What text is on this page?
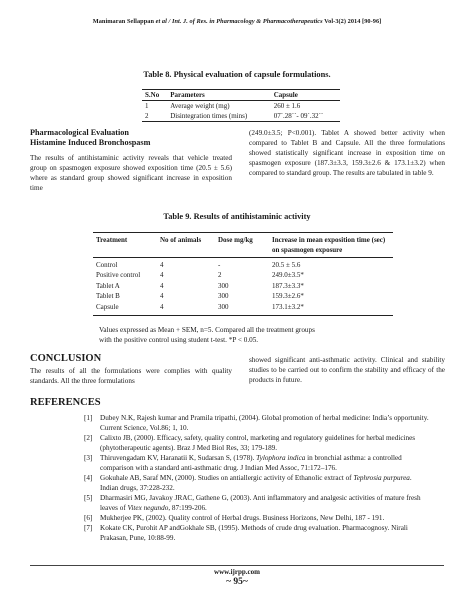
Manimaran Sellappan et al / Int. J. of Res. in Pharmacology & Pharmacotherapeutics Vol-3(2) 2014 [90-96]
Table 8. Physical evaluation of capsule formulations.
S.No	Parameters	Capsule
1	Average weight (mg)	260 ± 1.6
2	Disintegration times (mins)	07`.28´´- 09`.32´´
Pharmacological Evaluation
Histamine Induced Bronchospasm

The results of antihistaminic activity reveals that vehicle treated group on spasmogen exposure showed exposition time (20.5 ± 5.6) where as standard group showed significant increase in exposition time

(249.0±3.5; P<0.001). Tablet A showed better activity when compared to Tablet B and Capsule. All the three formulations showed statistically significant increase in exposition time on spasmogen exposure (187.3±3.3, 159.3±2.6 & 173.1±3.2) when compared to standard group. The results are tabulated in table 9.

Table 9. Results of antihistaminic activity
Treatment	No of animals	Dose mg/kg	Increase in mean exposition time (sec) on spasmogen exposure
Control	4	-	20.5 ± 5.6
Positive control	4	2	249.0±3.5*
Tablet A	4	300	187.3±3.3*
Tablet B	4	300	159.3±2.6*
Capsule	4	300	173.1±3.2*
Values expressed as Mean + SEM, n=5. Compared all the treatment groups
with the positive control using student t-test. *P < 0.05.
CONCLUSION

The results of all the formulations were complies with quality standards. All the three formulations

showed significant anti-asthmatic activity. Clinical and stability studies to be carried out to confirm the stability and efficacy of the products in future.

REFERENCES
[1] Dubey N.K, Rajesh kumar and Pramila tripathi, (2004). Global promotion of herbal medicine: India’s opportunity. Current Science, Vol.86; 1, 10.
[2] Calixto JB, (2000). Efficacy, safety, quality control, marketing and regulatory guidelines for herbal medicines (phytotherapeutic agents). Braz J Med Biol Res, 33; 179-189.
[3] Thiruvengadam KV, Haranatii K, Sudarsan S, (1978). Tylophora indica in bronchial asthma: a controlled comparison with a standard anti-asthmatic drug. J Indian Med Assoc, 71:172–176.
[4] Gokuhale AB, Saraf MN, (2000). Studies on antiallergic activity of Ethanolic extract of Tephrosia purpurea. Indian drugs, 37:228-232.
[5] Dharmasiri MG, Javakoy JRAC, Gathene G, (2003). Anti inflammatory and analgesic activities of mature fresh leaves of Vitex negundo, 87:199-206.
[6] Mukherjee PK, (2002). Quality control of Herbal drugs. Business Horizons, New Delhi, 187 - 191.
[7] Kokate CK, Purohit AP andGokhale SB, (1995). Methods of crude drug evaluation. Pharmacognosy. Nirali Prakasan, Pune, 10:88-99.
www.ijrpp.com
~ 95~
